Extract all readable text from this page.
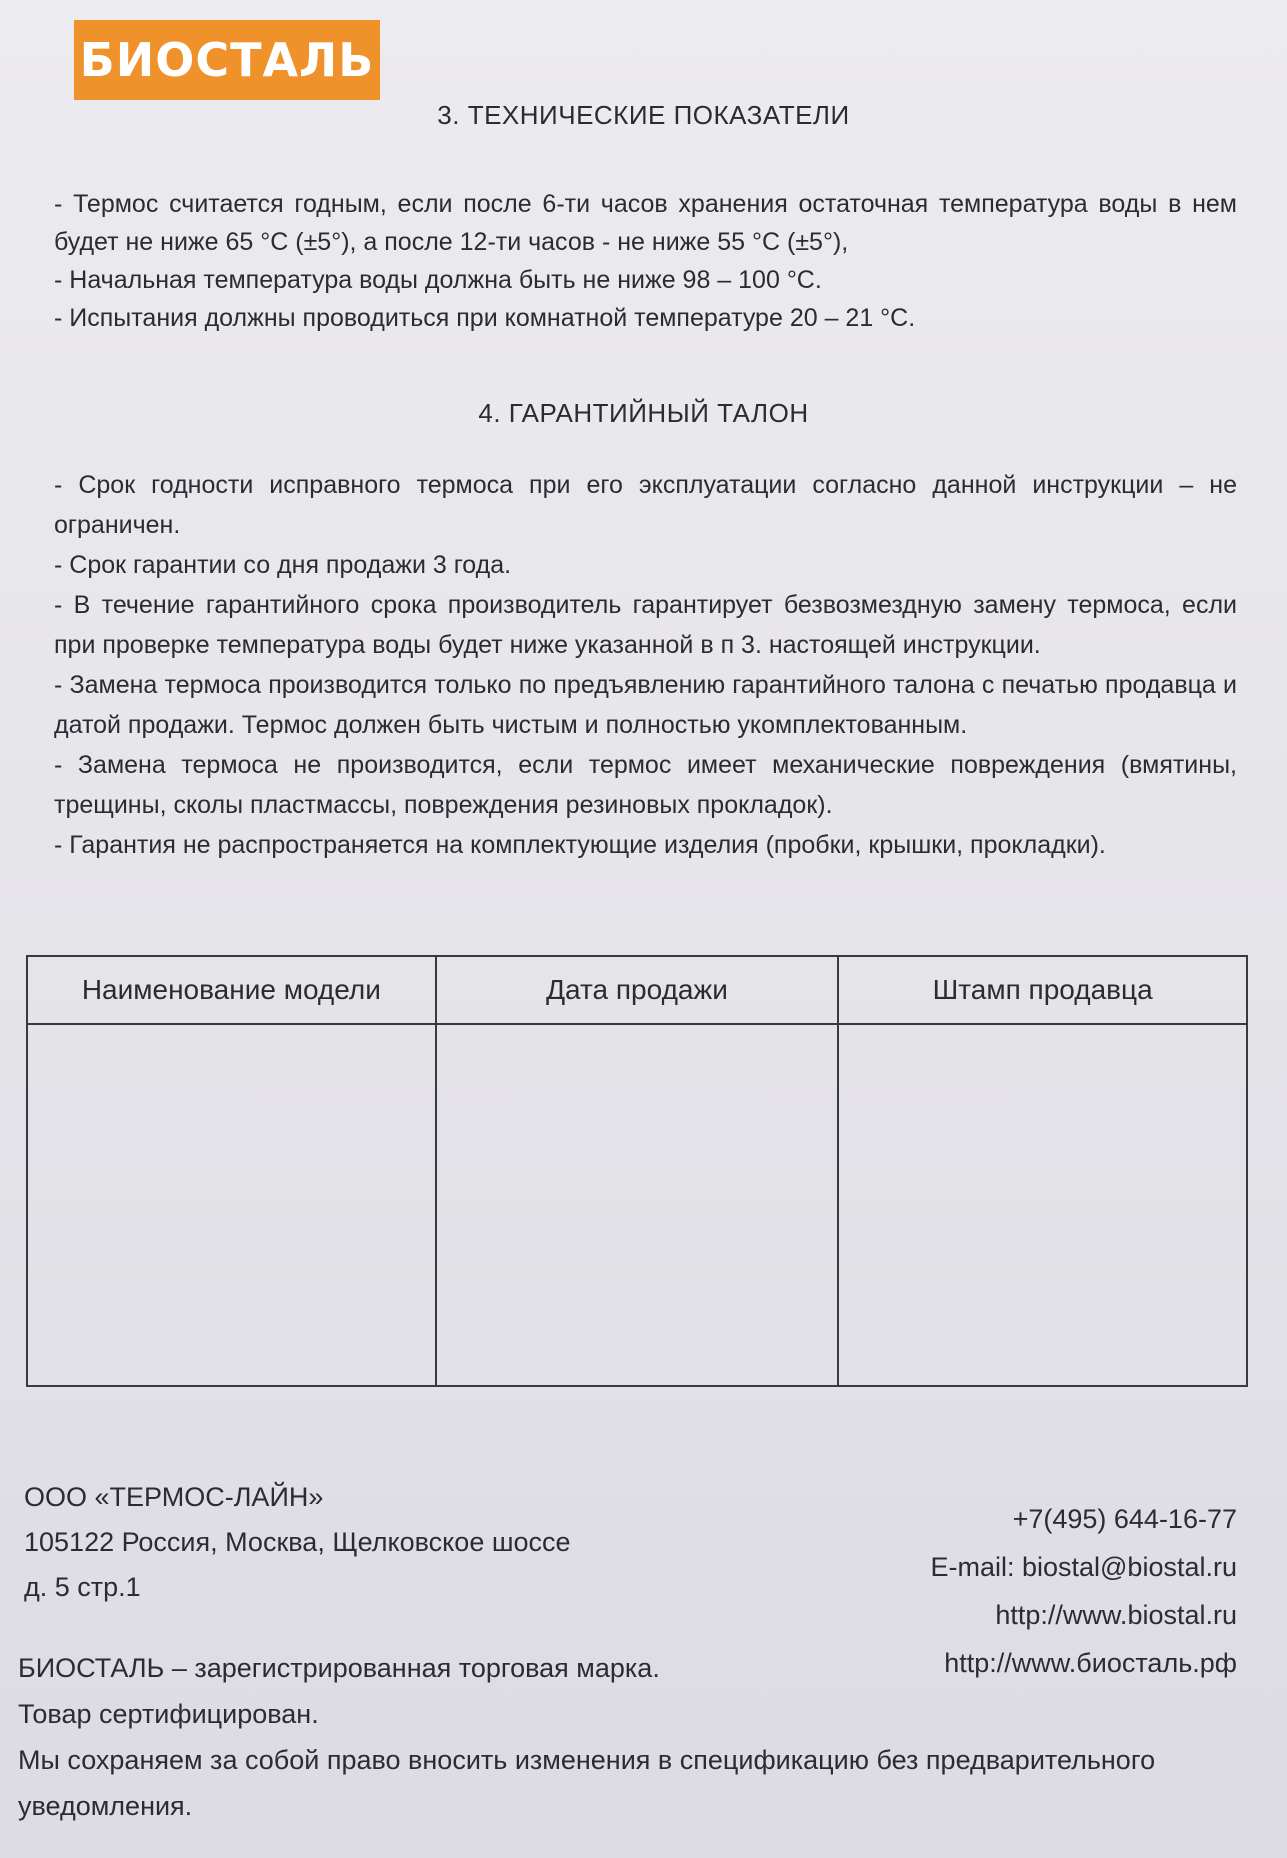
БИОСТАЛЬ
3. ТЕХНИЧЕСКИЕ ПОКАЗАТЕЛИ

- Термос считается годным, если после 6-ти часов хранения остаточная температура воды в нем будет не ниже 65 °С (±5°), а после 12-ти часов - не ниже 55 °С (±5°),

- Начальная температура воды должна быть не ниже 98 – 100 °С.

- Испытания должны проводиться при комнатной температуре 20 – 21 °С.

4. ГАРАНТИЙНЫЙ ТАЛОН

- Срок годности исправного термоса при его эксплуатации согласно данной инструкции – не ограничен.

- Срок гарантии со дня продажи 3 года.

- В течение гарантийного срока производитель гарантирует безвозмездную замену термоса, если при проверке температура воды будет ниже указанной в п 3. настоящей инструкции.

- Замена термоса производится только по предъявлению гарантийного талона с печатью продавца и датой продажи. Термос должен быть чистым и полностью укомплектованным.

- Замена термоса не производится, если термос имеет механические повреждения (вмятины, трещины, сколы пластмассы, повреждения резиновых прокладок).

- Гарантия не распространяется на комплектующие изделия (пробки, крышки, прокладки).

Наименование модели	Дата продажи	Штамп продавца

ООО «ТЕРМОС-ЛАЙН»
105122 Россия, Москва, Щелковское шоссе
д. 5 стр.1
+7(495) 644-16-77
E-mail: biostal@biostal.ru
http://www.biostal.ru
http://www.биосталь.рф

БИОСТАЛЬ – зарегистрированная торговая марка.

Товар сертифицирован.

Мы сохраняем за собой право вносить изменения в спецификацию без предварительного уведомления.
